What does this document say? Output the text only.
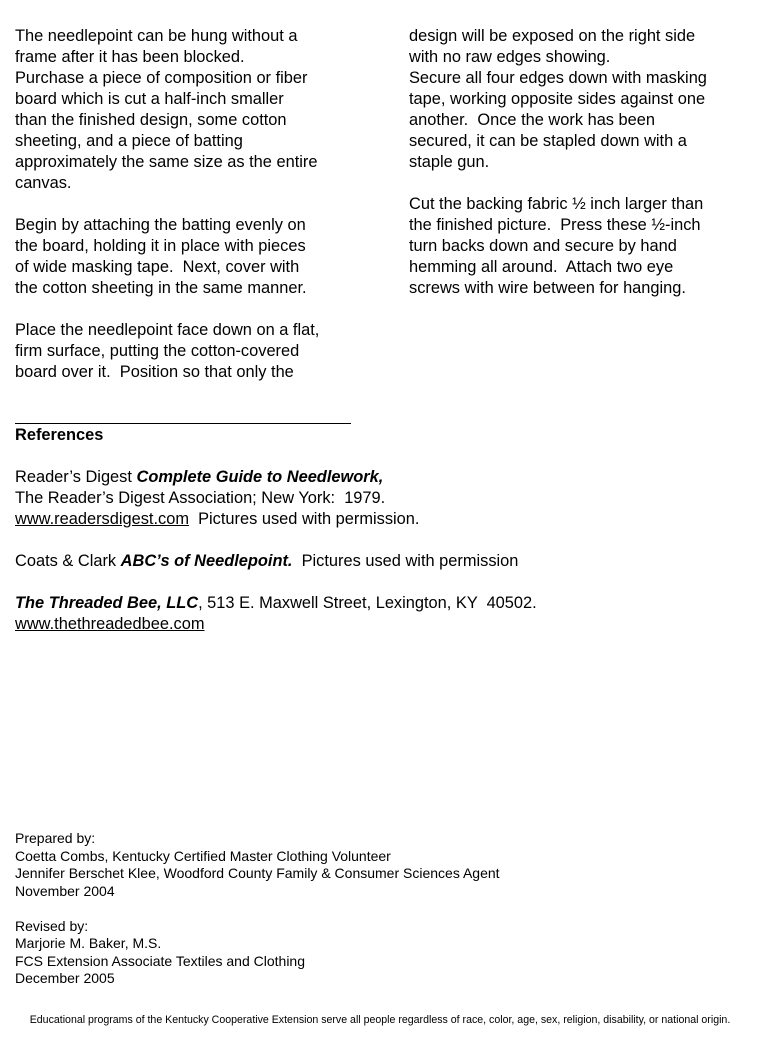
The needlepoint can be hung without a
frame after it has been blocked.
Purchase a piece of composition or fiber
board which is cut a half-inch smaller
than the finished design, some cotton
sheeting, and a piece of batting
approximately the same size as the entire
canvas.
Begin by attaching the batting evenly on
the board, holding it in place with pieces
of wide masking tape.  Next, cover with
the cotton sheeting in the same manner.
Place the needlepoint face down on a flat,
firm surface, putting the cotton-covered
board over it.  Position so that only the
design will be exposed on the right side
with no raw edges showing.
Secure all four edges down with masking
tape, working opposite sides against one
another.  Once the work has been
secured, it can be stapled down with a
staple gun.
Cut the backing fabric ½ inch larger than
the finished picture.  Press these ½-inch
turn backs down and secure by hand
hemming all around.  Attach two eye
screws with wire between for hanging.
References
Reader’s Digest Complete Guide to Needlework,
The Reader’s Digest Association; New York:  1979.
www.readersdigest.com  Pictures used with permission.
Coats & Clark ABC’s of Needlepoint.  Pictures used with permission
The Threaded Bee, LLC, 513 E. Maxwell Street, Lexington, KY  40502.
www.thethreadedbee.com
Prepared by:
Coetta Combs, Kentucky Certified Master Clothing Volunteer
Jennifer Berschet Klee, Woodford County Family & Consumer Sciences Agent
November 2004
Revised by:
Marjorie M. Baker, M.S.
FCS Extension Associate Textiles and Clothing
December 2005
Educational programs of the Kentucky Cooperative Extension serve all people regardless of race, color, age, sex, religion, disability, or national origin.
